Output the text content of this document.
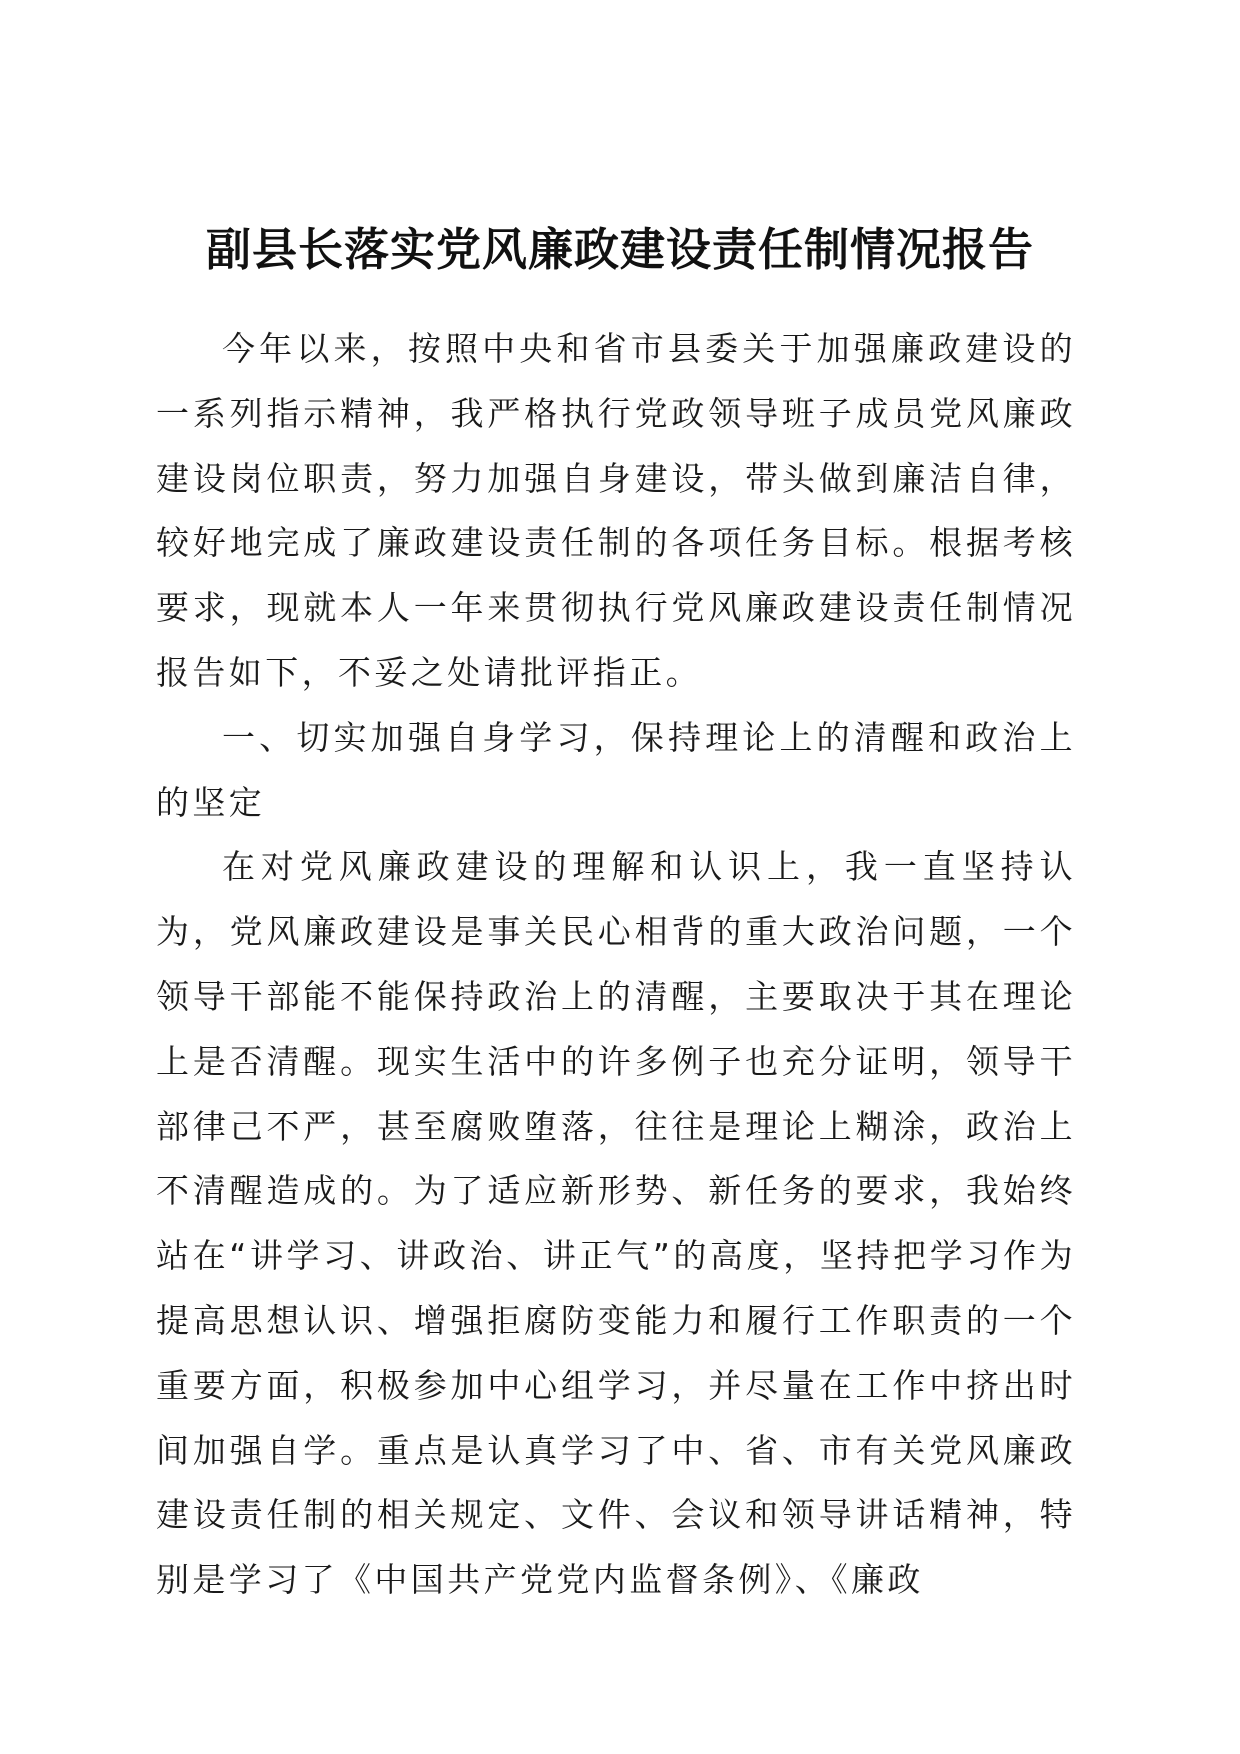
副县长落实党风廉政建设责任制情况报告

今年以来，按照中央和省市县委关于加强廉政建设的一系列指示精神，我严格执行党政领导班子成员党风廉政建设岗位职责，努力加强自身建设，带头做到廉洁自律，较好地完成了廉政建设责任制的各项任务目标。根据考核要求，现就本人一年来贯彻执行党风廉政建设责任制情况报告如下，不妥之处请批评指正。

一、切实加强自身学习，保持理论上的清醒和政治上的坚定

在对党风廉政建设的理解和认识上，我一直坚持认为，党风廉政建设是事关民心相背的重大政治问题，一个领导干部能不能保持政治上的清醒，主要取决于其在理论上是否清醒。现实生活中的许多例子也充分证明，领导干部律己不严，甚至腐败堕落，往往是理论上糊涂，政治上不清醒造成的。为了适应新形势、新任务的要求，我始终站在“讲学习、讲政治、讲正气”的高度，坚持把学习作为提高思想认识、增强拒腐防变能力和履行工作职责的一个重要方面，积极参加中心组学习，并尽量在工作中挤出时间加强自学。重点是认真学习了中、省、市有关党风廉政建设责任制的相关规定、文件、会议和领导讲话精神，特别是学习了《中国共产党党内监督条例》、《廉政
